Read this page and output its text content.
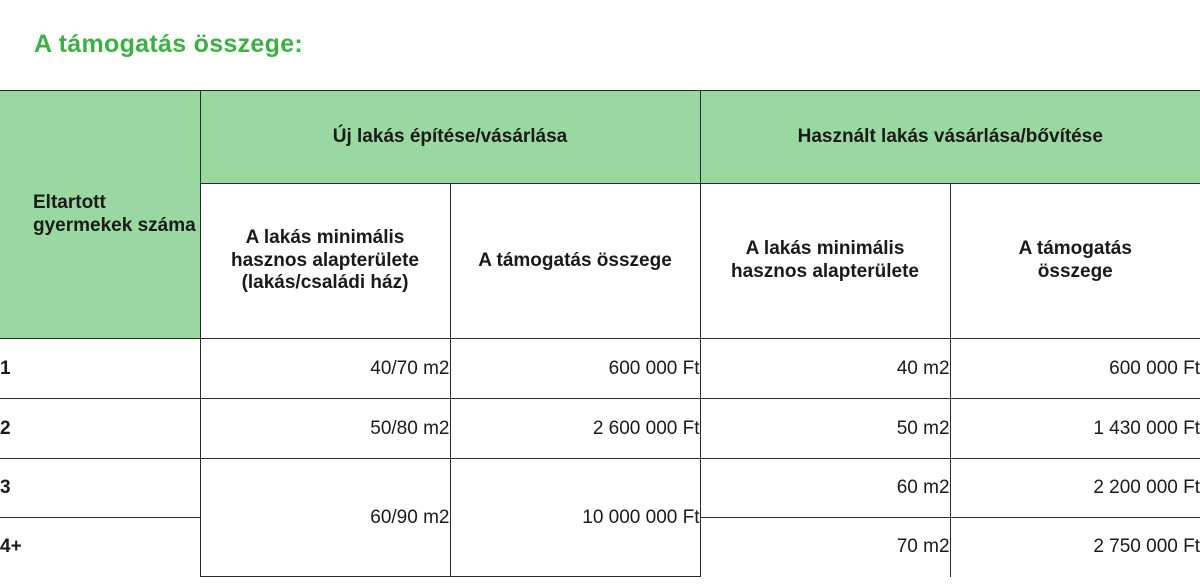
A támogatás összege:
Eltartott gyermekek száma	Új lakás építése/vásárlása		Használt lakás vásárlása/bővítése	
	A lakás minimális hasznos alapterülete (lakás/családi ház)	A támogatás összege	A lakás minimális hasznos alapterülete	A támogatás összege
1	40/70 m2	600 000 Ft	40 m2	600 000 Ft
2	50/80 m2	2 600 000 Ft	50 m2	1 430 000 Ft
3	60/90 m2	10 000 000 Ft	60 m2	2 200 000 Ft
4+			70 m2	2 750 000 Ft
